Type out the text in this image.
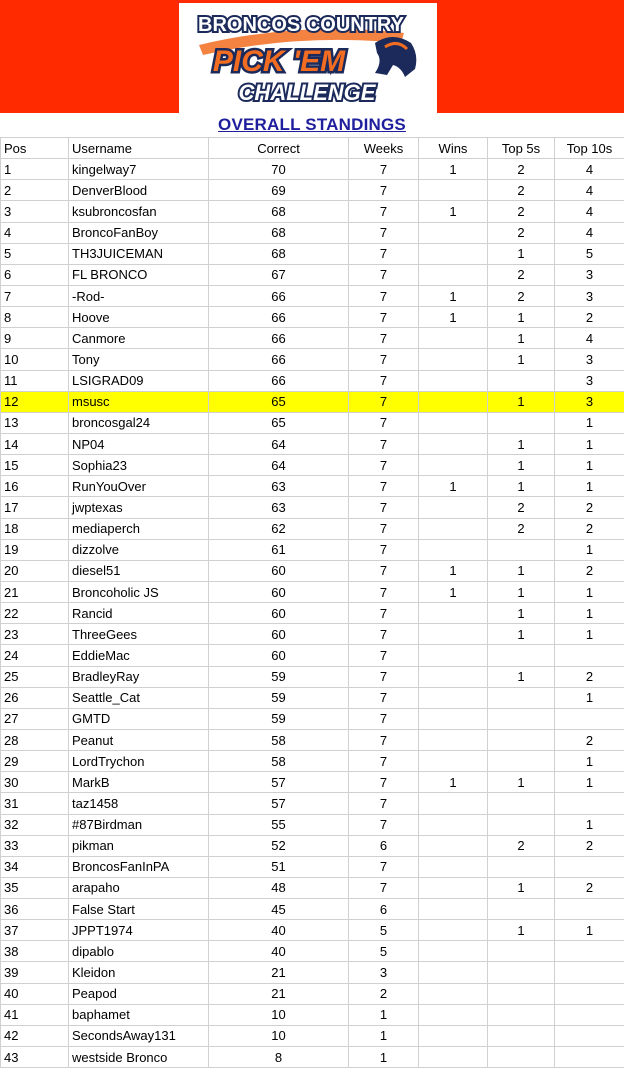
BRONCOS COUNTRY
PICK 'EM
CHALLENGE
OVERALL STANDINGS
Pos	Username	Correct	Weeks	Wins	Top 5s	Top 10s
1	kingelway7	70	7	1	2	4
2	DenverBlood	69	7		2	4
3	ksubroncosfan	68	7	1	2	4
4	BroncoFanBoy	68	7		2	4
5	TH3JUICEMAN	68	7		1	5
6	FL BRONCO	67	7		2	3
7	-Rod-	66	7	1	2	3
8	Hoove	66	7	1	1	2
9	Canmore	66	7		1	4
10	Tony	66	7		1	3
11	LSIGRAD09	66	7			3
12	msusc	65	7		1	3
13	broncosgal24	65	7			1
14	NP04	64	7		1	1
15	Sophia23	64	7		1	1
16	RunYouOver	63	7	1	1	1
17	jwptexas	63	7		2	2
18	mediaperch	62	7		2	2
19	dizzolve	61	7			1
20	diesel51	60	7	1	1	2
21	Broncoholic JS	60	7	1	1	1
22	Rancid	60	7		1	1
23	ThreeGees	60	7		1	1
24	EddieMac	60	7			
25	BradleyRay	59	7		1	2
26	Seattle_Cat	59	7			1
27	GMTD	59	7			
28	Peanut	58	7			2
29	LordTrychon	58	7			1
30	MarkB	57	7	1	1	1
31	taz1458	57	7			
32	#87Birdman	55	7			1
33	pikman	52	6		2	2
34	BroncosFanInPA	51	7			
35	arapaho	48	7		1	2
36	False Start	45	6			
37	JPPT1974	40	5		1	1
38	dipablo	40	5			
39	Kleidon	21	3			
40	Peapod	21	2			
41	baphamet	10	1			
42	SecondsAway131	10	1			
43	westside Bronco	8	1			
